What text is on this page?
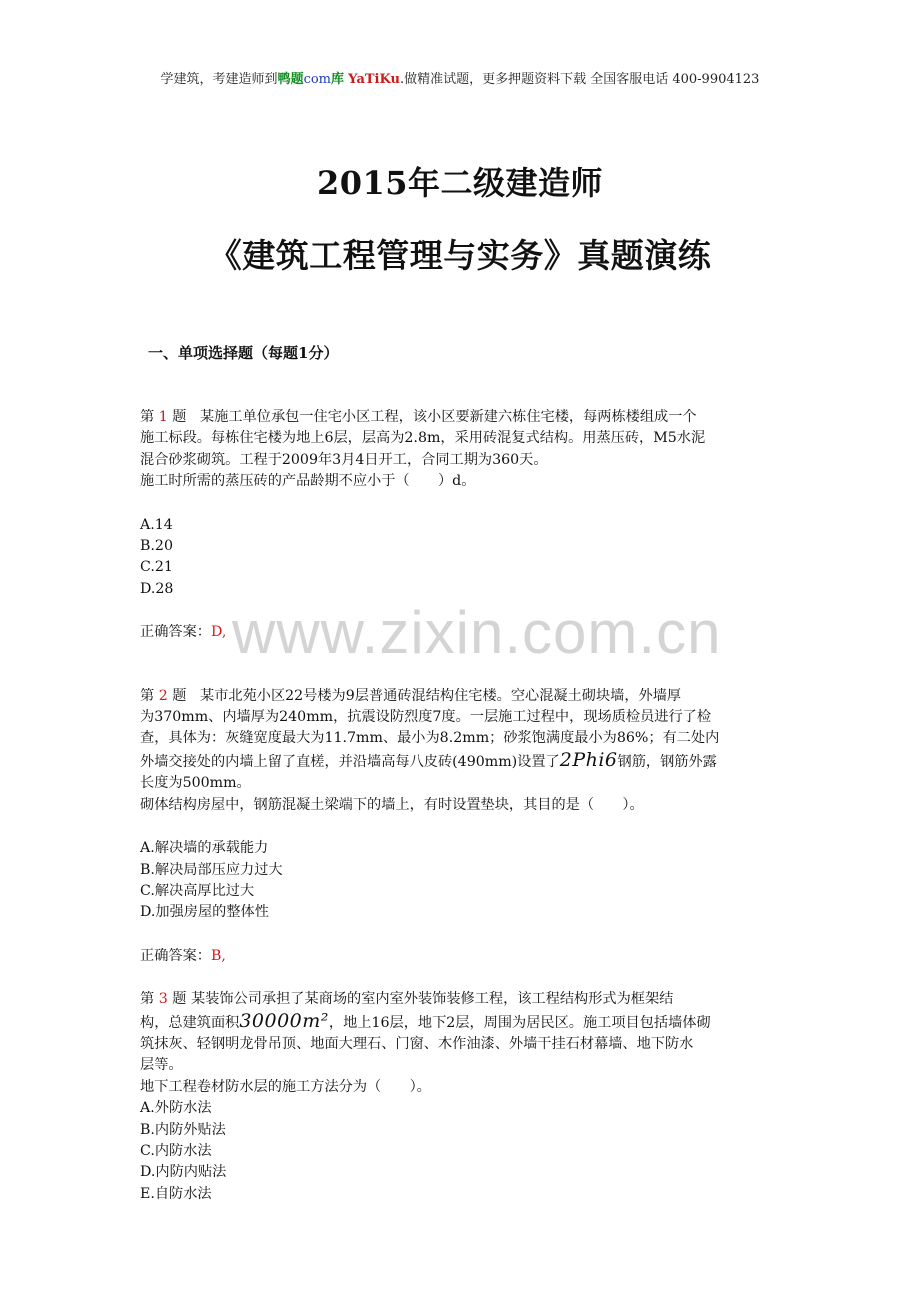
学建筑，考建造师到鸭题com库 YaTiKu.做精准试题，更多押题资料下载 全国客服电话 400-9904123
2015年二级建造师
《建筑工程管理与实务》真题演练
一、单项选择题（每题1分）
www.zixin.com.cn

第 1 题 某施工单位承包一住宅小区工程，该小区要新建六栋住宅楼，每两栋楼组成一个

施工标段。每栋住宅楼为地上6层，层高为2.8m，采用砖混复式结构。用蒸压砖，M5水泥

混合砂浆砌筑。工程于2009年3月4日开工，合同工期为360天。

施工时所需的蒸压砖的产品龄期不应小于（　　）d。

A.14

B.20

C.21

D.28

正确答案：D,

第 2 题 某市北苑小区22号楼为9层普通砖混结构住宅楼。空心混凝土砌块墙，外墙厚

为370mm、内墙厚为240mm，抗震设防烈度7度。一层施工过程中，现场质检员进行了检

查，具体为：灰缝宽度最大为11.7mm、最小为8.2mm；砂浆饱满度最小为86%；有二处内

外墙交接处的内墙上留了直槎，并沿墙高每八皮砖(490mm)设置了2Phi6钢筋，钢筋外露

长度为500mm。

砌体结构房屋中，钢筋混凝土梁端下的墙上，有时设置垫块，其目的是（　　）。

A.解决墙的承载能力

B.解决局部压应力过大

C.解决高厚比过大

D.加强房屋的整体性

正确答案：B,

第 3 题 某装饰公司承担了某商场的室内室外装饰装修工程，该工程结构形式为框架结

构，总建筑面积30000m²，地上16层，地下2层，周围为居民区。施工项目包括墙体砌

筑抹灰、轻钢明龙骨吊顶、地面大理石、门窗、木作油漆、外墙干挂石材幕墙、地下防水

层等。

地下工程卷材防水层的施工方法分为（　　）。

A.外防水法

B.内防外贴法

C.内防水法

D.内防内贴法

E.自防水法
